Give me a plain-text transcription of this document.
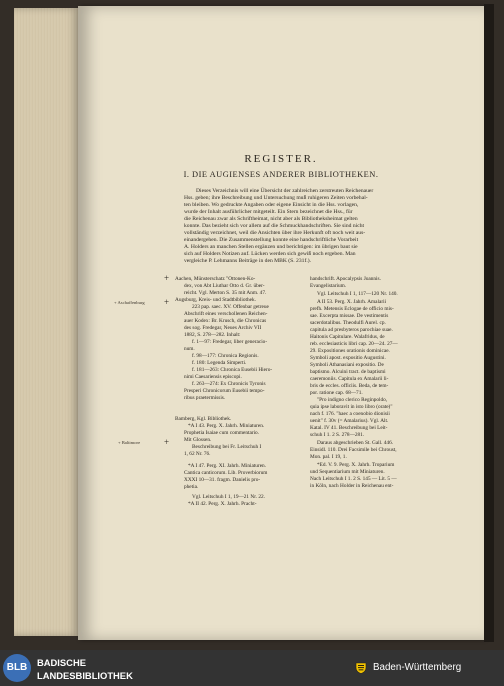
REGISTER.
I. DIE AUGIENSES ANDERER BIBLIOTHEKEN.
Dieses Verzeichnis will eine Übersicht der zahlreichen zerstreuten Reichenauer
Hss. geben; ihre Beschreibung und Untersuchung muß ruhigeren Zeiten vorbehal-
ten bleiben. Wo gedruckte Angaben oder eigene Einsicht in die Hss. vorlagen,
wurde der Inhalt ausführlicher mitgeteilt. Ein Stern bezeichnet die Hss., für
die Reichenau zwar als Schriftheimat, nicht aber als Bibliotheksheimat gelten
konnte. Das bezieht sich vor allem auf die Schmuckhandschriften. Sie sind nicht
vollständig verzeichnet, weil die Ansichten über ihre Herkunft oft noch weit aus-
einandergehen. Die Zusammenstellung konnte eine handschriftliche Vorarbeit
A. Holders an manchen Stellen ergänzen und berichtigen: im übrigen baut sie
sich auf Holders Notizen auf. Lücken werden sich gewiß noch ergeben. Man
vergleiche P. Lehmanns Beiträge in den MBK (S. 231f.).
+
+
+
+ Aschaffenburg
+ Baltimore
Aachen, Münsterschatz "Ottonen-Ko-
dex, von Abt Liuthar Otto d. Gr. über-
reicht. Vgl. Merton S. 35 mit Anm. 47.
Augsburg, Kreis- und Stadtbibliothek.
223 pap. saec. XV. Offenbar getreue
Abschrift eines verschollenen Reichen-
auer Kodex: Br. Krusch, die Chronicas
des sog. Fredegar, Neues Archiv VII
1882, S. 278—282. Inhalt:
f. 1—97: Fredegar, liber generacio-
num.
f. 98—177: Chronica Regionis.
f. 180: Legenda Simperti.
f. 181—263: Chronica Eusebii Hiero-
nimi Caesariensis episcopi.
f. 263—274: Ex Chronicis Tyronis
Presperi Chronicorum Eusebii tempo-
ribus praetermissis.
Bamberg, Kgl. Bibliothek.
*A I 43. Perg. X. Jahrh. Miniaturen.
Prophetia Isaiae cum commentario.
Mit Glossen.
Beschreibung bei Fr. Leitschuh I
1, 62 Nr. 76.
*A I 47. Perg. XI. Jahrh. Miniaturen.
Cantica canticorum. Lib. Proverbiorum
XXXI 10—31. fragm. Danielis pro-
phetia.
Vgl. Leitschuh I 1, 19—21 Nr. 22.
*A II 42. Perg. X. Jahrh. Pracht-
handschrift. Apocalypsis Joannis.
Evangelistarium.
Vgl. Leitschuh I 1, 117—120 Nr. 140.
A II 53. Perg. X. Jahrh. Amalarii
prefh. Metensis Eclogae de officio mis-
sae. Excerpta missae. De vestimentis
sacerdotalibus. Theodulfi Aurel. cp.
capitula ad presbyteros parochiae suae.
Haitonis Capitulare. Walafridus, de
reb. ecclesiasticis libri cap. 20—24. 27—
29. Expositiones orationis dominicae.
Symboli apost. expositio Augustini.
Symboli Athanasiani expositio. De
baptismo. Alcuini tract. de baptismi
caeremoniis. Capitula ex Amalarii li-
bris de eccles. officiis. Beda, de tem-
por. ratione cap. 68—71.
"Pro indigno clerico Reginpoldo,
quia ipse laboravit in isto libro (orate)"
nach f. 176. "haec a coenobio dionisii
uenit" f. 30v (= Amalarius). Vgl. Alt.
Katal. IV 41. Beschreibung bei Leit-
schuh I 1. 2 S. 278—281.
Daraus abgeschrieben St. Gall. 446.
Einsidl. 110. Drei Facsimile bei Chroust,
Mon. pal. I 19, 1.
*Ed. V. 9. Perg. X. Jahrh. Troparium
und Sequentiarium mit Miniaturen.
Nach Leitschuh I 1. 2 S. 145 — Lit. 5 —
in Köln, nach Holder in Reichenau ent-
BLB	BADISCHE
LANDESBIBLIOTHEK
Baden-Württemberg
